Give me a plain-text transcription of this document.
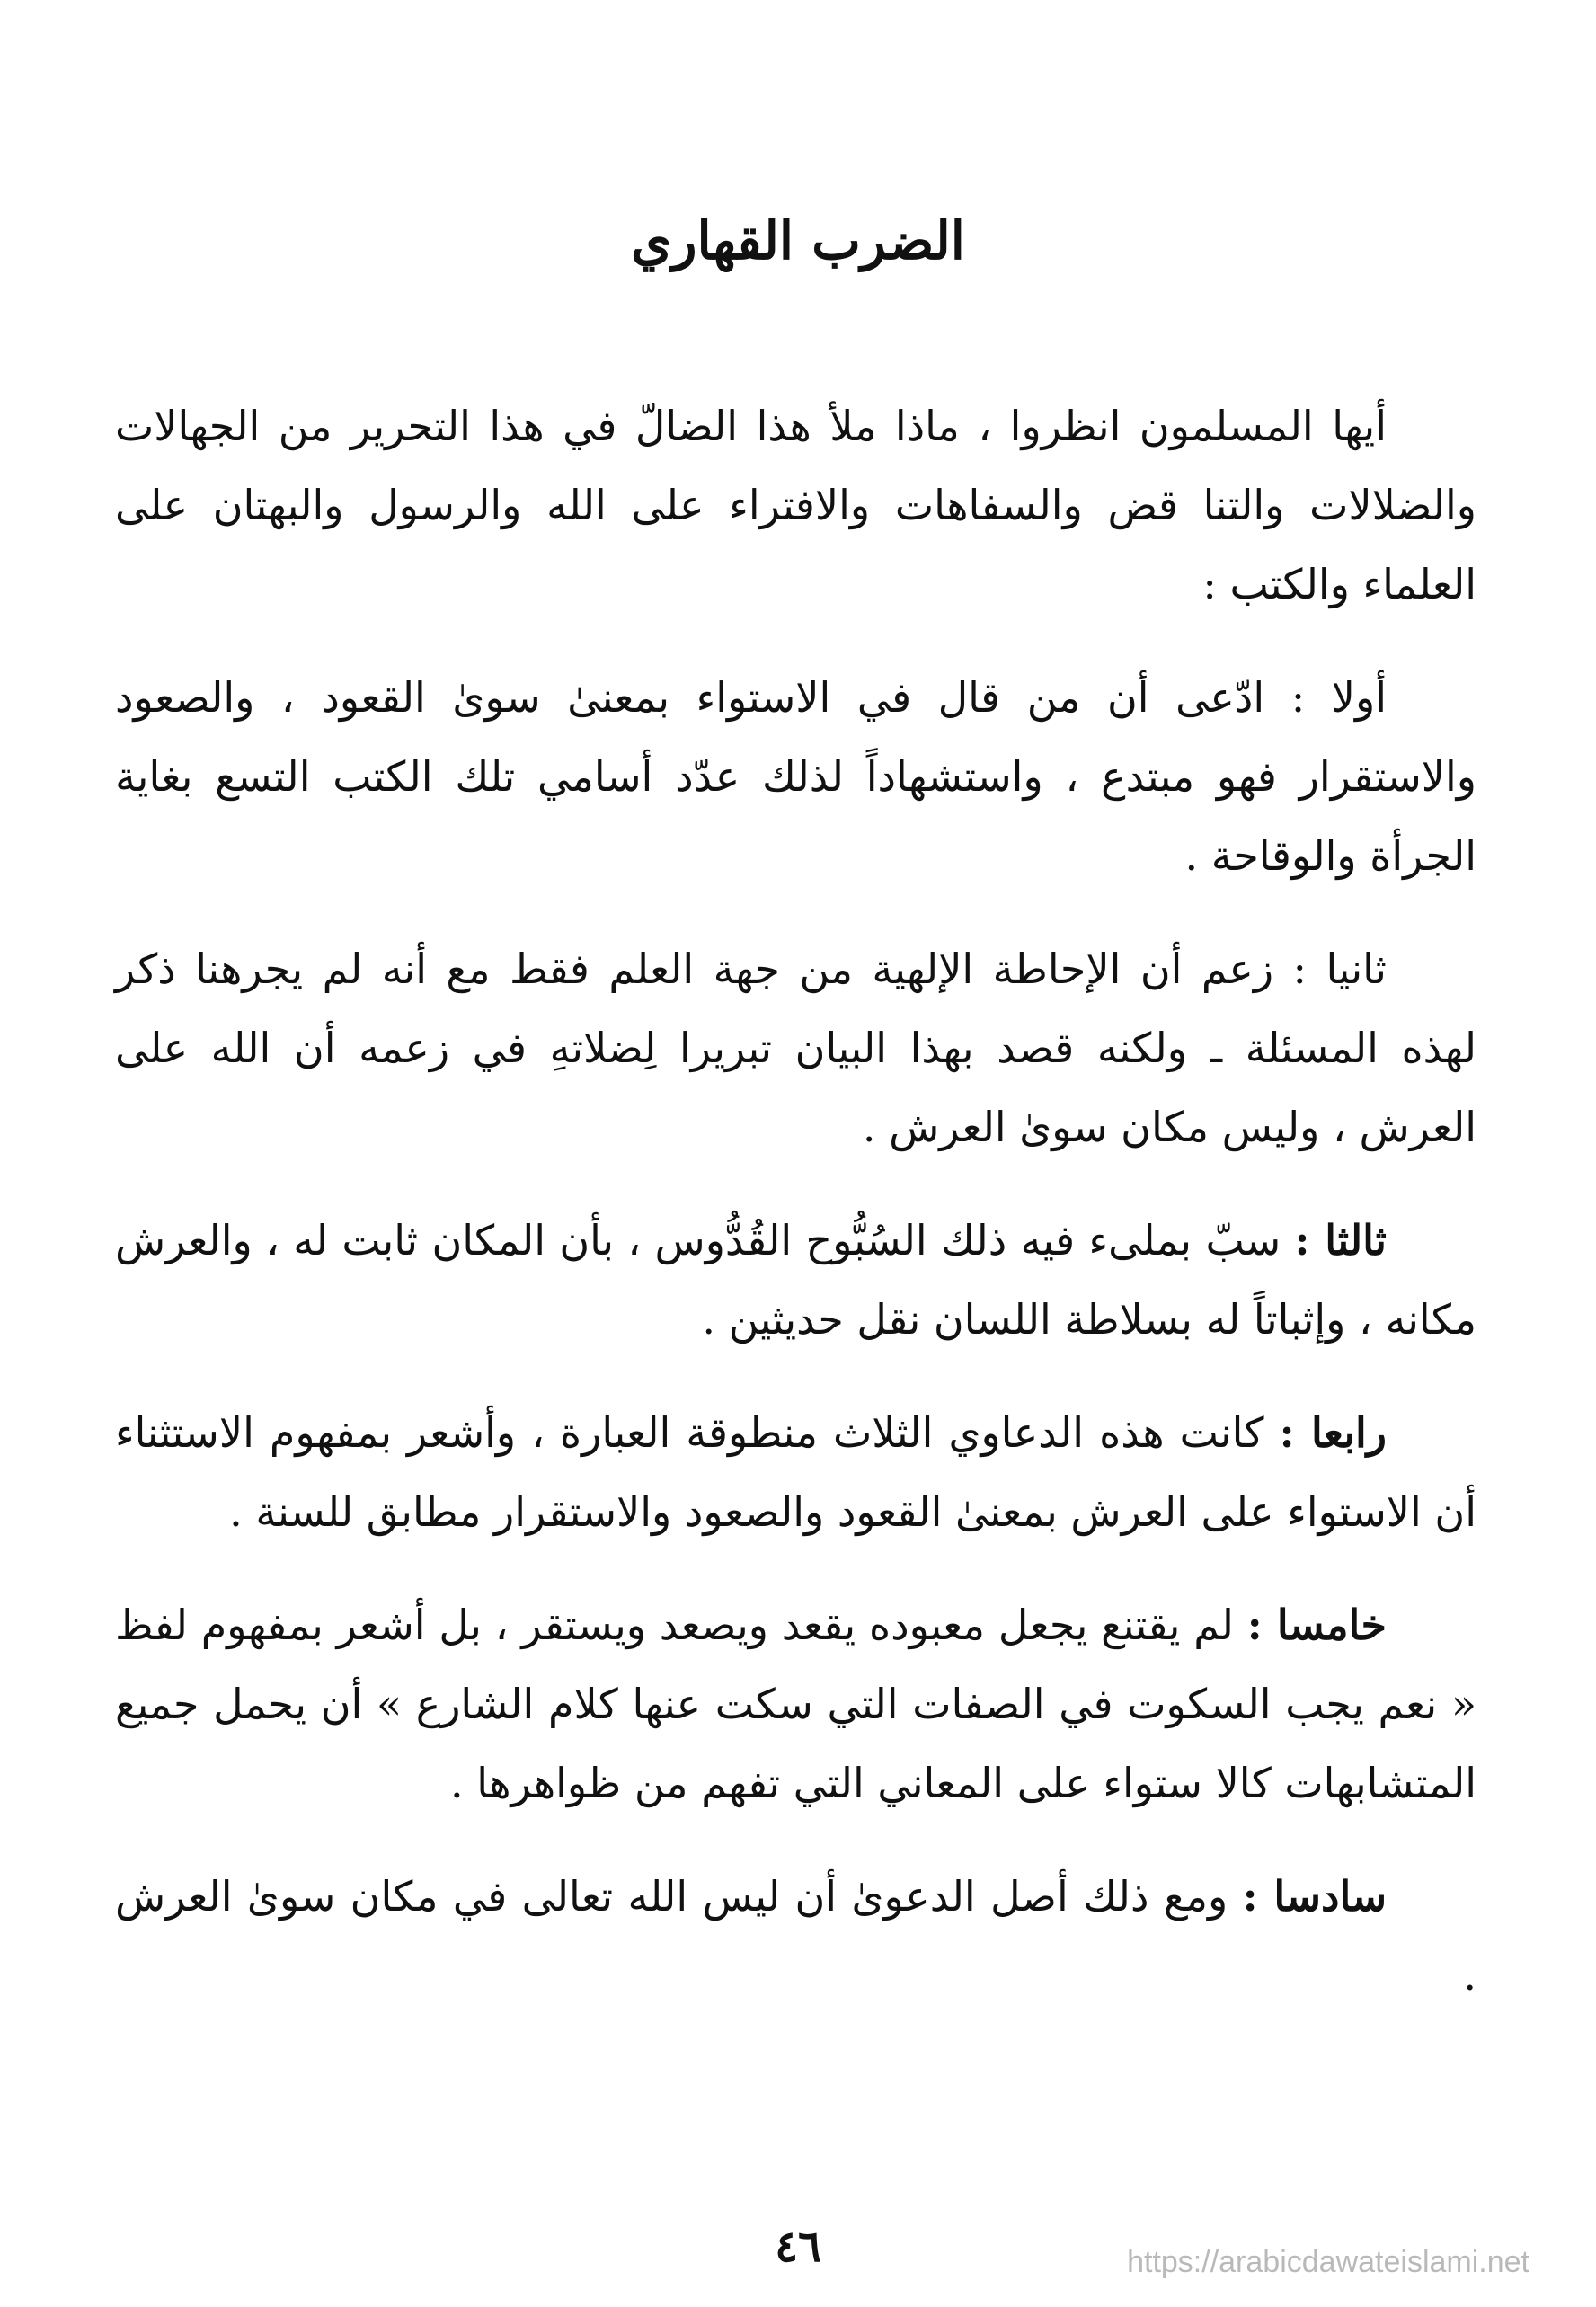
الضرب القهاري

أيها المسلمون انظروا ، ماذا ملأ هذا الضالّ في هذا التحرير من الجهالات والضلالات والتنا قض والسفاهات والافتراء على الله والرسول والبهتان على العلماء والكتب :

أولا : ادّعى أن من قال في الاستواء بمعنىٰ سوىٰ القعود ، والصعود والاستقرار فهو مبتدع ، واستشهاداً لذلك عدّد أسامي تلك الكتب التسع بغاية الجرأة والوقاحة .

ثانيا : زعم أن الإحاطة الإلهية من جهة العلم فقط مع أنه لم يجرهنا ذكر لهذه المسئلة ـ ولكنه قصد بهذا البيان تبريرا لِضلاتهِ في زعمه أن الله على العرش ، وليس مكان سوىٰ العرش .

ثالثا : سبّ بملىء فيه ذلك السُبُّوح القُدُّوس ، بأن المكان ثابت له ، والعرش مكانه ، وإثباتاً له بسلاطة اللسان نقل حديثين .

رابعا : كانت هذه الدعاوي الثلاث منطوقة العبارة ، وأشعر بمفهوم الاستثناء أن الاستواء على العرش بمعنىٰ القعود والصعود والاستقرار مطابق للسنة .

خامسا : لم يقتنع يجعل معبوده يقعد ويصعد ويستقر ، بل أشعر بمفهوم لفظ « نعم يجب السكوت في الصفات التي سكت عنها كلام الشارع » أن يحمل جميع المتشابهات كالا ستواء على المعاني التي تفهم من ظواهرها .

سادسا : ومع ذلك أصل الدعوىٰ أن ليس الله تعالى في مكان سوىٰ العرش .

٤٦	https://arabicdawateislami.net
